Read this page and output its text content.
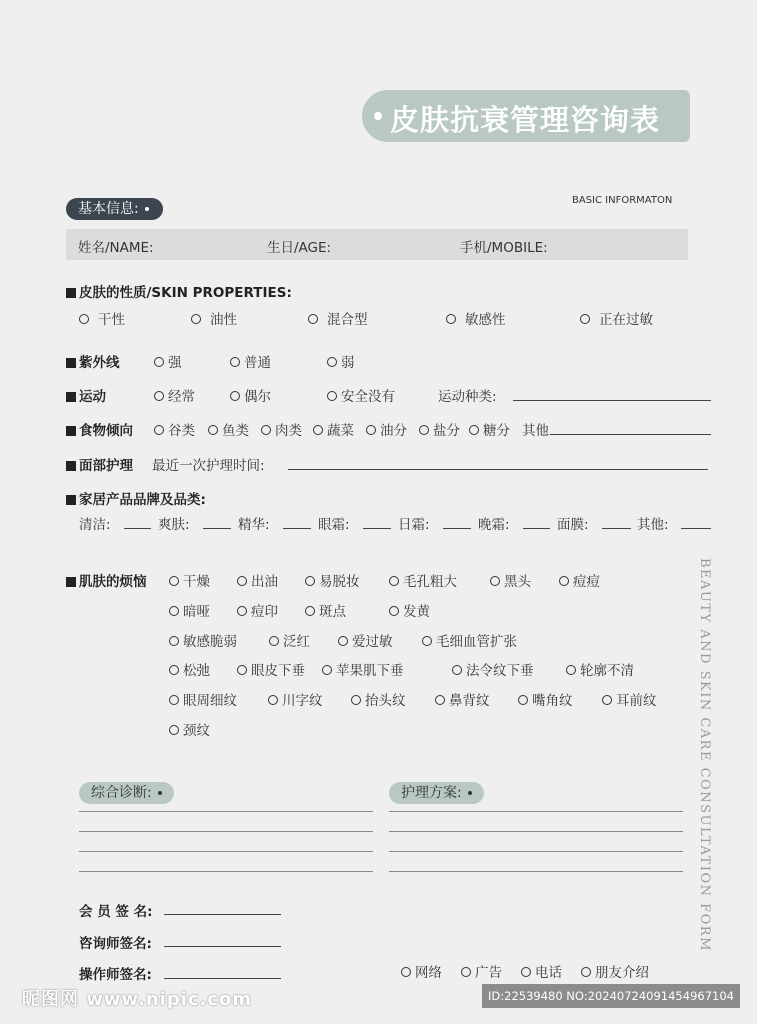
皮肤抗衰管理咨询表
基本信息:
BASIC INFORMATON
姓名/NAME:	生日/AGE:	手机/MOBILE:
皮肤的性质/SKIN PROPERTIES:
干性	油性	混合型	敏感性	正在过敏
紫外线	强	普通	弱
运动	经常	偶尔	安全没有	运动种类:
食物倾向	谷类	鱼类	肉类	蔬菜	油分	盐分	糖分 其他
面部护理 最近一次护理时间:
家居产品品牌及品类:
清洁:	爽肤:	精华:	眼霜:	日霜:	晚霜:	面膜:	其他:
肌肤的烦恼	干燥	出油	易脱妆	毛孔粗大	黑头	痘痘
暗哑	痘印	斑点	发黄
敏感脆弱	泛红	爱过敏	毛细血管扩张
松弛	眼皮下垂	苹果肌下垂	法令纹下垂	轮廓不清
眼周细纹	川字纹	抬头纹	鼻背纹	嘴角纹	耳前纹
颈纹
综合诊断:	护理方案:
会 员 签 名:
咨询师签名:
操作师签名:	网络	广告	电话	朋友介绍
BEAUTY AND SKIN CARE CONSULTATION FORM
昵图网 www.nipic.com	ID:22539480 NO:20240724091454967104
